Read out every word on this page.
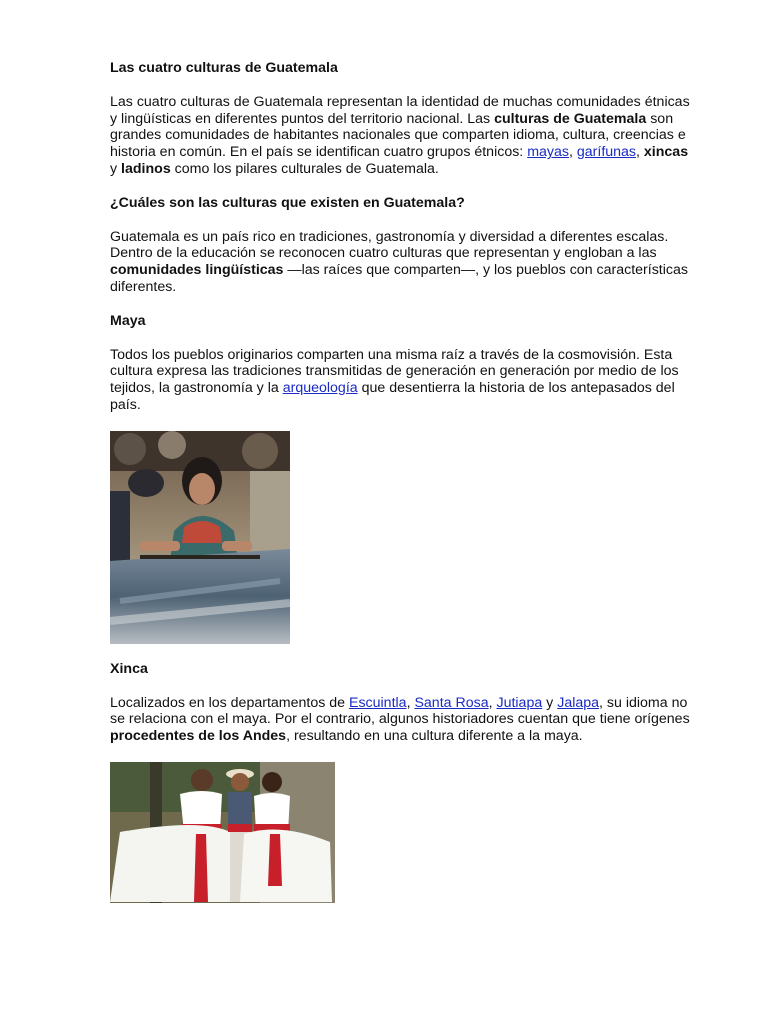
Las cuatro culturas de Guatemala

Las cuatro culturas de Guatemala representan la identidad de muchas comunidades étnicas y lingüísticas en diferentes puntos del territorio nacional. Las culturas de Guatemala son grandes comunidades de habitantes nacionales que comparten idioma, cultura, creencias e historia en común. En el país se identifican cuatro grupos étnicos: mayas, garífunas, xincas y ladinos como los pilares culturales de Guatemala.

¿Cuáles son las culturas que existen en Guatemala?

Guatemala es un país rico en tradiciones, gastronomía y diversidad a diferentes escalas. Dentro de la educación se reconocen cuatro culturas que representan y engloban a las comunidades lingüísticas —las raíces que comparten—, y los pueblos con características diferentes.

Maya

Todos los pueblos originarios comparten una misma raíz a través de la cosmovisión. Esta cultura expresa las tradiciones transmitidas de generación en generación por medio de los tejidos, la gastronomía y la arqueología que desentierra la historia de los antepasados del país.

Xinca

Localizados en los departamentos de Escuintla, Santa Rosa, Jutiapa y Jalapa, su idioma no se relaciona con el maya. Por el contrario, algunos historiadores cuentan que tiene orígenes procedentes de los Andes, resultando en una cultura diferente a la maya.
